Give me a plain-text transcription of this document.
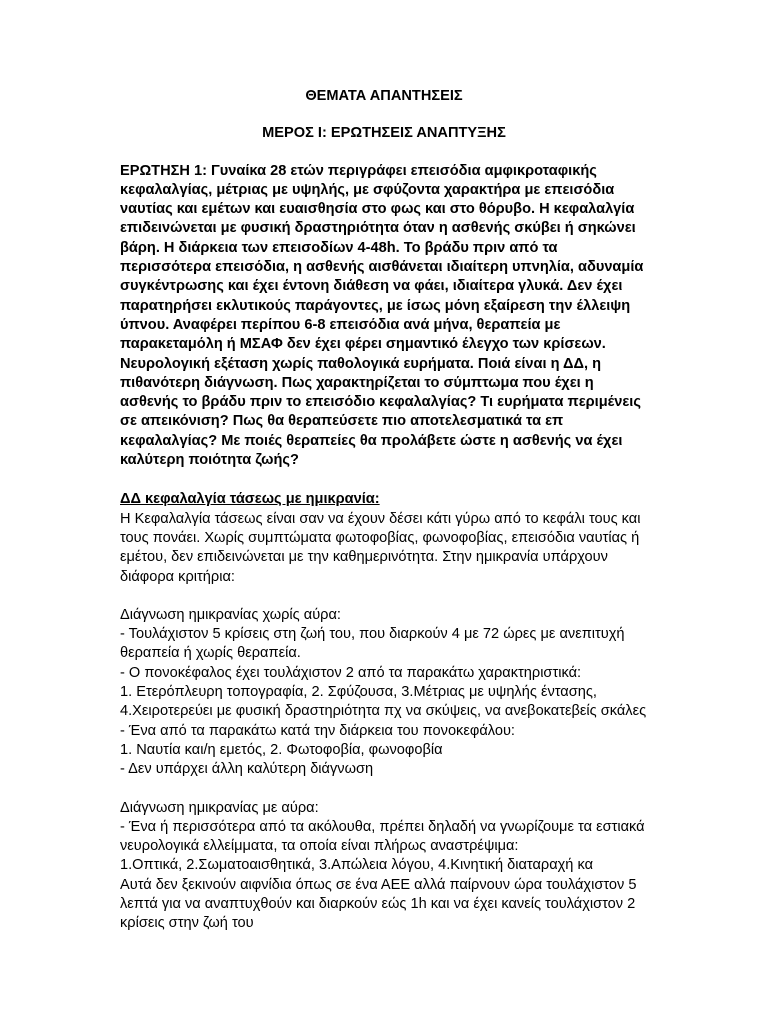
ΘΕΜΑΤΑ ΑΠΑΝΤΗΣΕΙΣ

ΜΕΡΟΣ Ι: ΕΡΩΤΗΣΕΙΣ ΑΝΑΠΤΥΞΗΣ

ΕΡΩΤΗΣΗ 1: Γυναίκα 28 ετών περιγράφει επεισόδια αμφικροταφικής κεφαλαλγίας, μέτριας με υψηλής, με σφύζοντα χαρακτήρα με επεισόδια ναυτίας και εμέτων και ευαισθησία στο φως και στο θόρυβο. Η κεφαλαλγία επιδεινώνεται με φυσική δραστηριότητα όταν η ασθενής σκύβει ή σηκώνει βάρη. Η διάρκεια των επεισοδίων 4-48h. Το βράδυ πριν από τα περισσότερα επεισόδια, η ασθενής αισθάνεται ιδιαίτερη υπνηλία, αδυναμία συγκέντρωσης και έχει έντονη διάθεση να φάει, ιδιαίτερα γλυκά. Δεν έχει παρατηρήσει εκλυτικούς παράγοντες, με ίσως μόνη εξαίρεση την έλλειψη ύπνου. Αναφέρει περίπου 6-8 επεισόδια ανά μήνα, θεραπεία με παρακεταμόλη ή ΜΣΑΦ δεν έχει φέρει σημαντικό έλεγχο των κρίσεων. Νευρολογική εξέταση χωρίς παθολογικά ευρήματα. Ποιά είναι η ΔΔ, η πιθανότερη διάγνωση. Πως χαρακτηρίζεται το σύμπτωμα που έχει η ασθενής το βράδυ πριν το επεισόδιο κεφαλαλγίας? Τι ευρήματα περιμένεις σε απεικόνιση? Πως θα θεραπεύσετε πιο αποτελεσματικά τα επ κεφαλαλγίας? Με ποιές θεραπείες θα προλάβετε ώστε η ασθενής να έχει καλύτερη ποιότητα ζωής?

ΔΔ κεφαλαλγία τάσεως με ημικρανία:

Η Κεφαλαλγία τάσεως είναι σαν να έχουν δέσει κάτι γύρω από το κεφάλι τους και τους πονάει. Χωρίς συμπτώματα φωτοφοβίας, φωνοφοβίας, επεισόδια ναυτίας ή εμέτου, δεν επιδεινώνεται με την καθημερινότητα. Στην ημικρανία υπάρχουν διάφορα κριτήρια:

Διάγνωση ημικρανίας χωρίς αύρα:

- Τουλάχιστον 5 κρίσεις στη ζωή του, που διαρκούν 4 με 72 ώρες με ανεπιτυχή θεραπεία ή χωρίς θεραπεία.
- Ο πονοκέφαλος έχει τουλάχιστον 2 από τα παρακάτω χαρακτηριστικά:
1. Ετερόπλευρη τοπογραφία, 2. Σφύζουσα, 3.Μέτριας με υψηλής έντασης,
4.Χειροτερεύει με φυσική δραστηριότητα πχ να σκύψεις, να ανεβοκατεβείς σκάλες
- Ένα από τα παρακάτω κατά την διάρκεια του πονοκεφάλου:
1. Ναυτία και/η εμετός, 2. Φωτοφοβία, φωνοφοβία
- Δεν υπάρχει άλλη καλύτερη διάγνωση

Διάγνωση ημικρανίας με αύρα:

- Ένα ή περισσότερα από τα ακόλουθα, πρέπει δηλαδή να γνωρίζουμε τα εστιακά νευρολογικά ελλείμματα, τα οποία είναι πλήρως αναστρέψιμα:
1.Οπτικά, 2.Σωματοαισθητικά, 3.Απώλεια λόγου, 4.Κινητική διαταραχή κα
Αυτά δεν ξεκινούν αιφνίδια όπως σε ένα ΑΕΕ αλλά παίρνουν ώρα τουλάχιστον 5 λεπτά για να αναπτυχθούν και διαρκούν εώς 1h και να έχει κανείς τουλάχιστον 2 κρίσεις στην ζωή του
